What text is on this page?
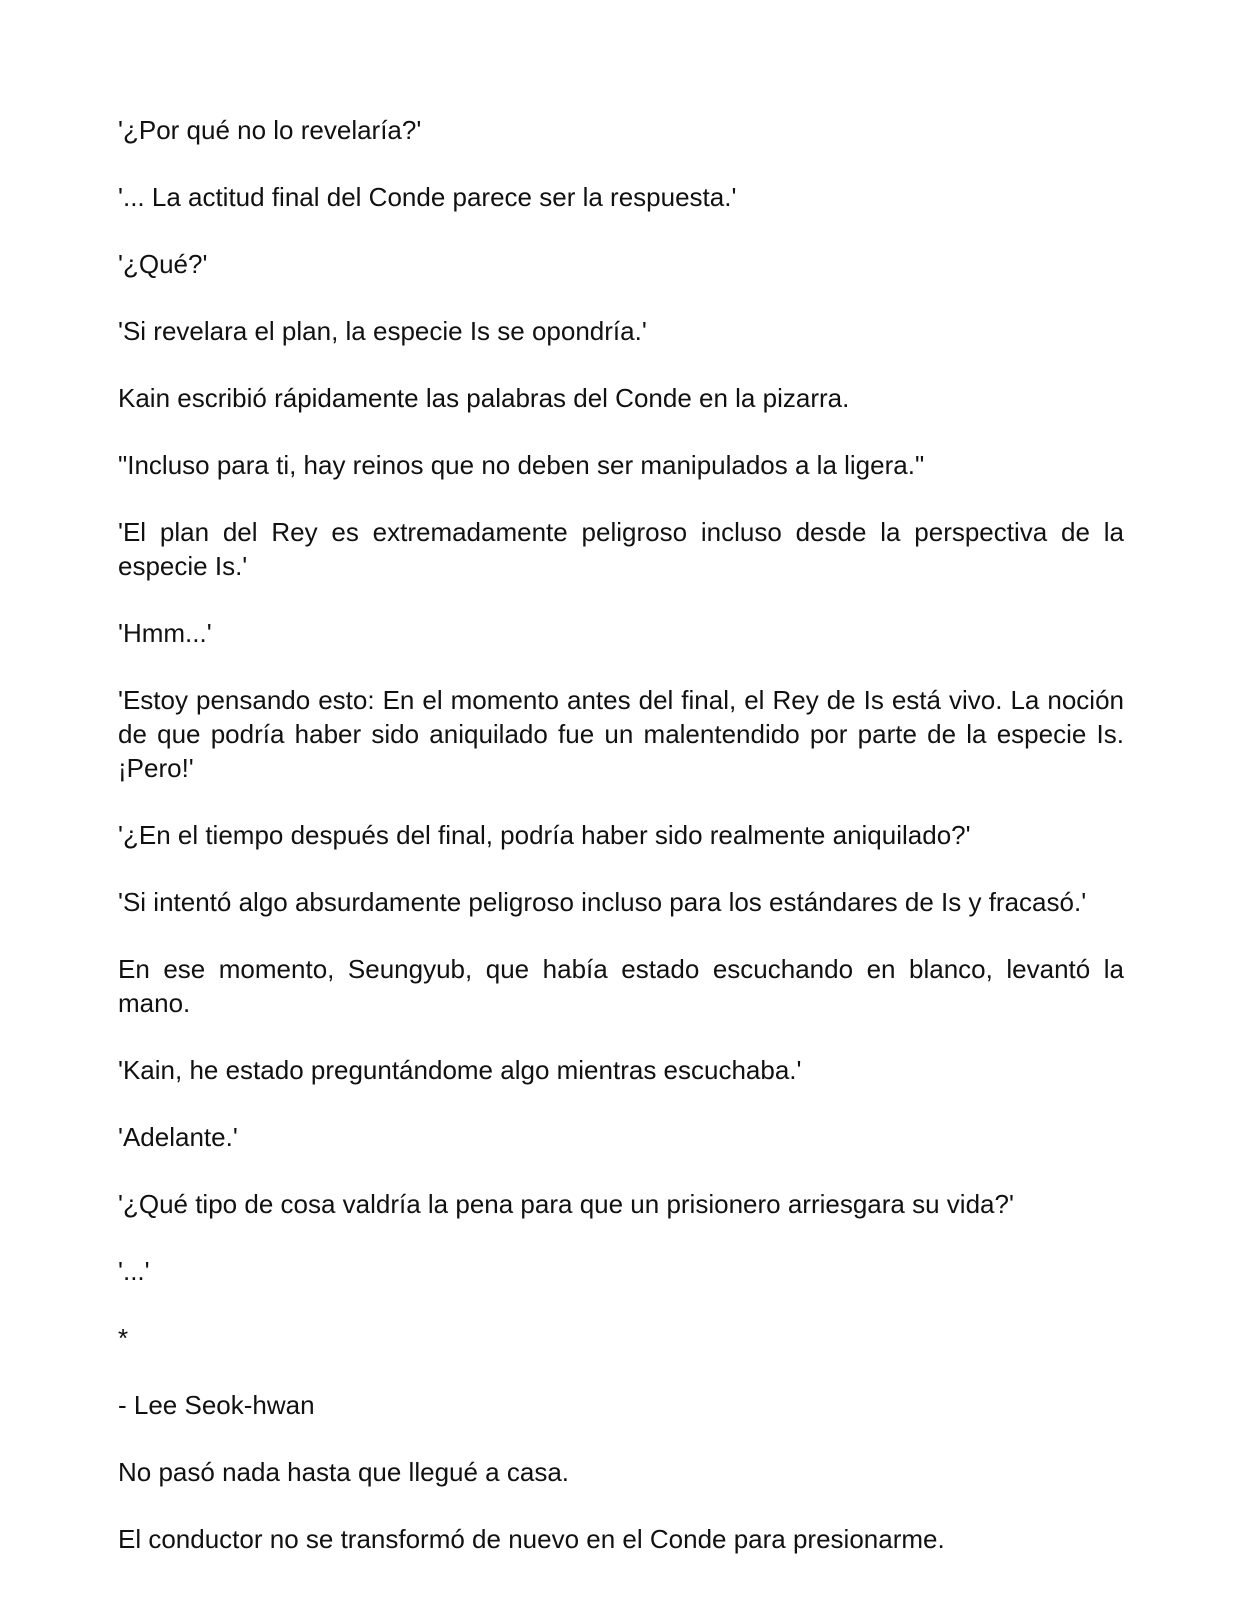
'¿Por qué no lo revelaría?'

'... La actitud final del Conde parece ser la respuesta.'

'¿Qué?'

'Si revelara el plan, la especie Is se opondría.'

Kain escribió rápidamente las palabras del Conde en la pizarra.

"Incluso para ti, hay reinos que no deben ser manipulados a la ligera."

'El plan del Rey es extremadamente peligroso incluso desde la perspectiva de la especie Is.'

'Hmm...'

'Estoy pensando esto: En el momento antes del final, el Rey de Is está vivo. La noción de que podría haber sido aniquilado fue un malentendido por parte de la especie Is. ¡Pero!'

'¿En el tiempo después del final, podría haber sido realmente aniquilado?'

'Si intentó algo absurdamente peligroso incluso para los estándares de Is y fracasó.'

En ese momento, Seungyub, que había estado escuchando en blanco, levantó la mano.

'Kain, he estado preguntándome algo mientras escuchaba.'

'Adelante.'

'¿Qué tipo de cosa valdría la pena para que un prisionero arriesgara su vida?'

'...'

*

- Lee Seok-hwan

No pasó nada hasta que llegué a casa.

El conductor no se transformó de nuevo en el Conde para presionarme.
